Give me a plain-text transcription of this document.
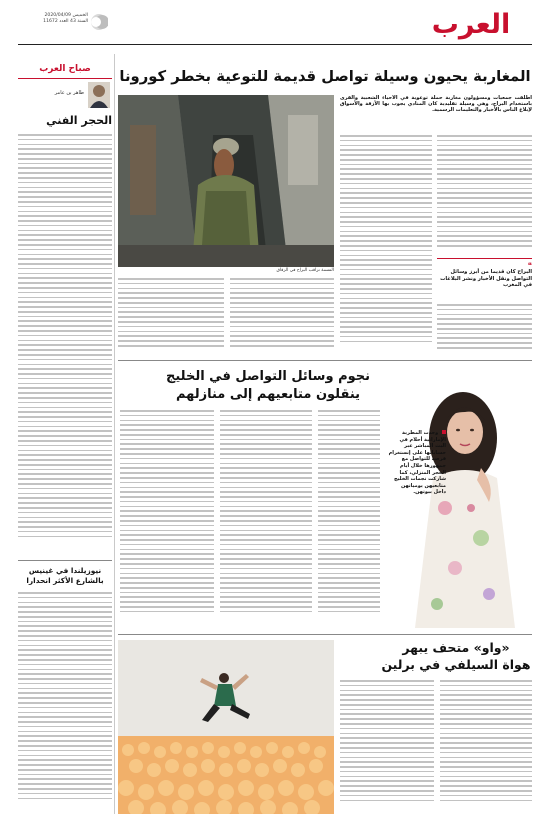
العرب
الخميس 2020/04/09
السنة 43 العدد 11672
المغاربة يحيون وسيلة تواصل قديمة للتوعية بخطر كورونا
أطلقت جمعيات ومسؤولون مغاربة حملة توعوية في الأحياء الشعبية والقرى باستخدام البراح، وهي وسيلة تقليدية كان المنادي يجوب بها الأزقة والأسواق لإبلاغ الناس بالأخبار والتعليمات الرسمية.
المسنة تراقب البراح في الزقاق
❝
البراح كان قديما من أبرز وسائل التواصل ونقل الأخبار ونشر البلاغات في المغرب
صباح العرب
طاهر بن عامر
الحجر الفني
نجوم وسائل التواصل في الخليج
ينقلون متابعيهم إلى منازلهم
وجدت المطربة الإماراتية أحلام في البث المباشر عبر حساباتها على إنستغرام فرصة للتواصل مع جمهورها خلال أيام الحجر المنزلي، كما شاركت نجمات الخليج متابعيهن يومياتهن داخل بيوتهن.
«واو» متحف يبهر
هواة السيلفي في برلين
نيوزيلندا في غينيس
بالشارع الأكثر انحدارا
